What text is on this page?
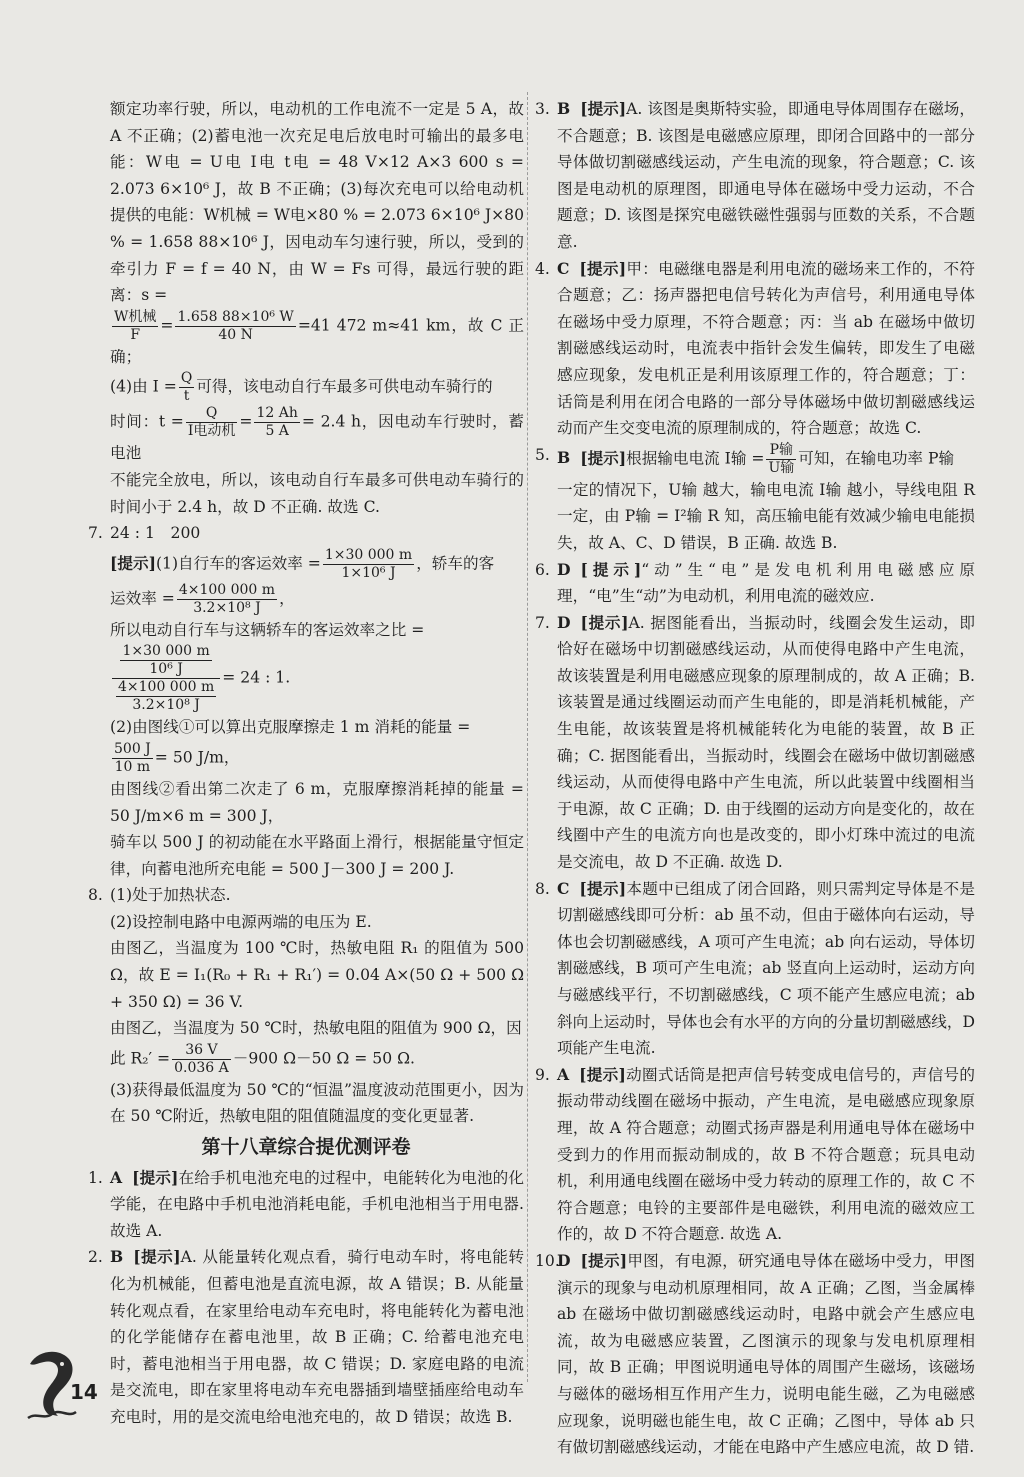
额定功率行驶，所以，电动机的工作电流不一定是 5 A，故 A 不正确；(2)蓄电池一次充足电后放电时可输出的最多电能：W电 = U电 I电 t电 = 48 V×12 A×3 600 s = 2.073 6×10⁶ J，故 B 不正确；(3)每次充电可以给电动机提供的电能：W机械 = W电×80 % = 2.073 6×10⁶ J×80 % = 1.658 88×10⁶ J，因电动车匀速行驶，所以，受到的牵引力 F = f = 40 N，由 W = Fs 可得，最远行驶的距离：s =

$\frac{\text{W机械}}{F} = \frac{\text{1.658 88×10⁶ W}}{40 N} =41$ 472 m≈41 km，故 C 正确；

(4)由 $I = \frac{Q}{t}$ 可得，该电动自行车最多可供电动车骑行的

时间：$t = \frac{Q}{\text{I电动机}} = \frac{12 Ah}{5 A} = 2.4$ h，因电动车行驶时，蓄电池

不能完全放电，所以，该电动自行车最多可供电动车骑行的时间小于 2.4 h，故 D 不正确. 故选 C.

7. 24 : 1　200

[提示](1)自行车的客运效率 = $\frac{1\times 30 000 m}{\text{1×10⁶ J}}$ ，轿车的客

运效率 = $\frac{4\times 100 000 m}{\text{3.2×10⁸ J}}$ ，

所以电动自行车与这辆轿车的客运效率之比 =

$\frac{\frac{1\times 30 000 m}{\text{10⁶ J}}}{\frac{4\times 100 000 m}{\text{3.2×10⁸ J}}} = 24$ : 1.

(2)由图线①可以算出克服摩擦走 1 m 消耗的能量 =

$\frac{500 J}{10 m} = 50$ J/m，

由图线②看出第二次走了 6 m，克服摩擦消耗掉的能量 = 50 J/m×6 m = 300 J，

骑车以 500 J 的初动能在水平路面上滑行，根据能量守恒定律，向蓄电池所充电能 = 500 J－300 J = 200 J.

8. (1)处于加热状态.

(2)设控制电路中电源两端的电压为 E.

由图乙，当温度为 100 ℃时，热敏电阻 R₁ 的阻值为 500 Ω，故 E = I₁(R₀ + R₁ + R₁′) = 0.04 A×(50 Ω + 500 Ω + 350 Ω) = 36 V.

由图乙，当温度为 50 ℃时，热敏电阻的阻值为 900 Ω，因

此 $R_2' = \frac{36 V}{0.036 A} -900$ Ω－50 Ω = 50 Ω.

(3)获得最低温度为 50 ℃的“恒温”温度波动范围更小，因为在 50 ℃附近，热敏电阻的阻值随温度的变化更显著.

第十八章综合提优测评卷
1. A [提示]在给手机电池充电的过程中，电能转化为电池的化学能，在电路中手机电池消耗电能，手机电池相当于用电器. 故选 A.

2. B [提示]A. 从能量转化观点看，骑行电动车时，将电能转化为机械能，但蓄电池是直流电源，故 A 错误；B. 从能量转化观点看，在家里给电动车充电时，将电能转化为蓄电池的化学能储存在蓄电池里，故 B 正确；C. 给蓄电池充电时，蓄电池相当于用电器，故 C 错误；D. 家庭电路的电流是交流电，即在家里将电动车充电器插到墙壁插座给电动车充电时，用的是交流电给电池充电的，故 D 错误；故选 B.

3. B [提示]A. 该图是奥斯特实验，即通电导体周围存在磁场，不合题意；B. 该图是电磁感应原理，即闭合回路中的一部分导体做切割磁感线运动，产生电流的现象，符合题意；C. 该图是电动机的原理图，即通电导体在磁场中受力运动，不合题意；D. 该图是探究电磁铁磁性强弱与匝数的关系，不合题意.

4. C [提示]甲：电磁继电器是利用电流的磁场来工作的，不符合题意；乙：扬声器把电信号转化为声信号，利用通电导体在磁场中受力原理，不符合题意；丙：当 ab 在磁场中做切割磁感线运动时，电流表中指针会发生偏转，即发生了电磁感应现象，发电机正是利用该原理工作的，符合题意；丁：话筒是利用在闭合电路的一部分导体磁场中做切割磁感线运动而产生交变电流的原理制成的，符合题意；故选 C.

5. B [提示]根据输电电流 I输 = $\frac{\text{P输}}{\text{U输}}$ 可知，在输电功率 P输

一定的情况下，U输 越大，输电电流 I输 越小，导线电阻 R 一定，由 P输 = I²输 R 知，高压输电能有效减少输电电能损失，故 A、C、D 错误，B 正确. 故选 B.

6. D [提示]“动”生“电”是发电机利用电磁感应原理，“电”生“动”为电动机，利用电流的磁效应.

7. D [提示]A. 据图能看出，当振动时，线圈会发生运动，即恰好在磁场中切割磁感线运动，从而使得电路中产生电流，故该装置是利用电磁感应现象的原理制成的，故 A 正确；B. 该装置是通过线圈运动而产生电能的，即是消耗机械能，产生电能，故该装置是将机械能转化为电能的装置，故 B 正确；C. 据图能看出，当振动时，线圈会在磁场中做切割磁感线运动，从而使得电路中产生电流，所以此装置中线圈相当于电源，故 C 正确；D. 由于线圈的运动方向是变化的，故在线圈中产生的电流方向也是改变的，即小灯珠中流过的电流是交流电，故 D 不正确. 故选 D.

8. C [提示]本题中已组成了闭合回路，则只需判定导体是不是切割磁感线即可分析：ab 虽不动，但由于磁体向右运动，导体也会切割磁感线，A 项可产生电流；ab 向右运动，导体切割磁感线，B 项可产生电流；ab 竖直向上运动时，运动方向与磁感线平行，不切割磁感线，C 项不能产生感应电流；ab 斜向上运动时，导体也会有水平的方向的分量切割磁感线，D 项能产生电流.

9. A [提示]动圈式话筒是把声信号转变成电信号的，声信号的振动带动线圈在磁场中振动，产生电流，是电磁感应现象原理，故 A 符合题意；动圈式扬声器是利用通电导体在磁场中受到力的作用而振动制成的，故 B 不符合题意；玩具电动机，利用通电线圈在磁场中受力转动的原理工作的，故 C 不符合题意；电铃的主要部件是电磁铁，利用电流的磁效应工作的，故 D 不符合题意. 故选 A.

10.

D [提示]甲图，有电源，研究通电导体在磁场中受力，甲图演示的现象与电动机原理相同，故 A 正确；乙图，当金属棒 ab 在磁场中做切割磁感线运动时，电路中就会产生感应电流，故为电磁感应装置，乙图演示的现象与发电机原理相同，故 B 正确；甲图说明通电导体的周围产生磁场，该磁场与磁体的磁场相互作用产生力，说明电能生磁，乙为电磁感应现象，说明磁也能生电，故 C 正确；乙图中，导体 ab 只有做切割磁感线运动，才能在电路中产生感应电流，故 D 错.

14
